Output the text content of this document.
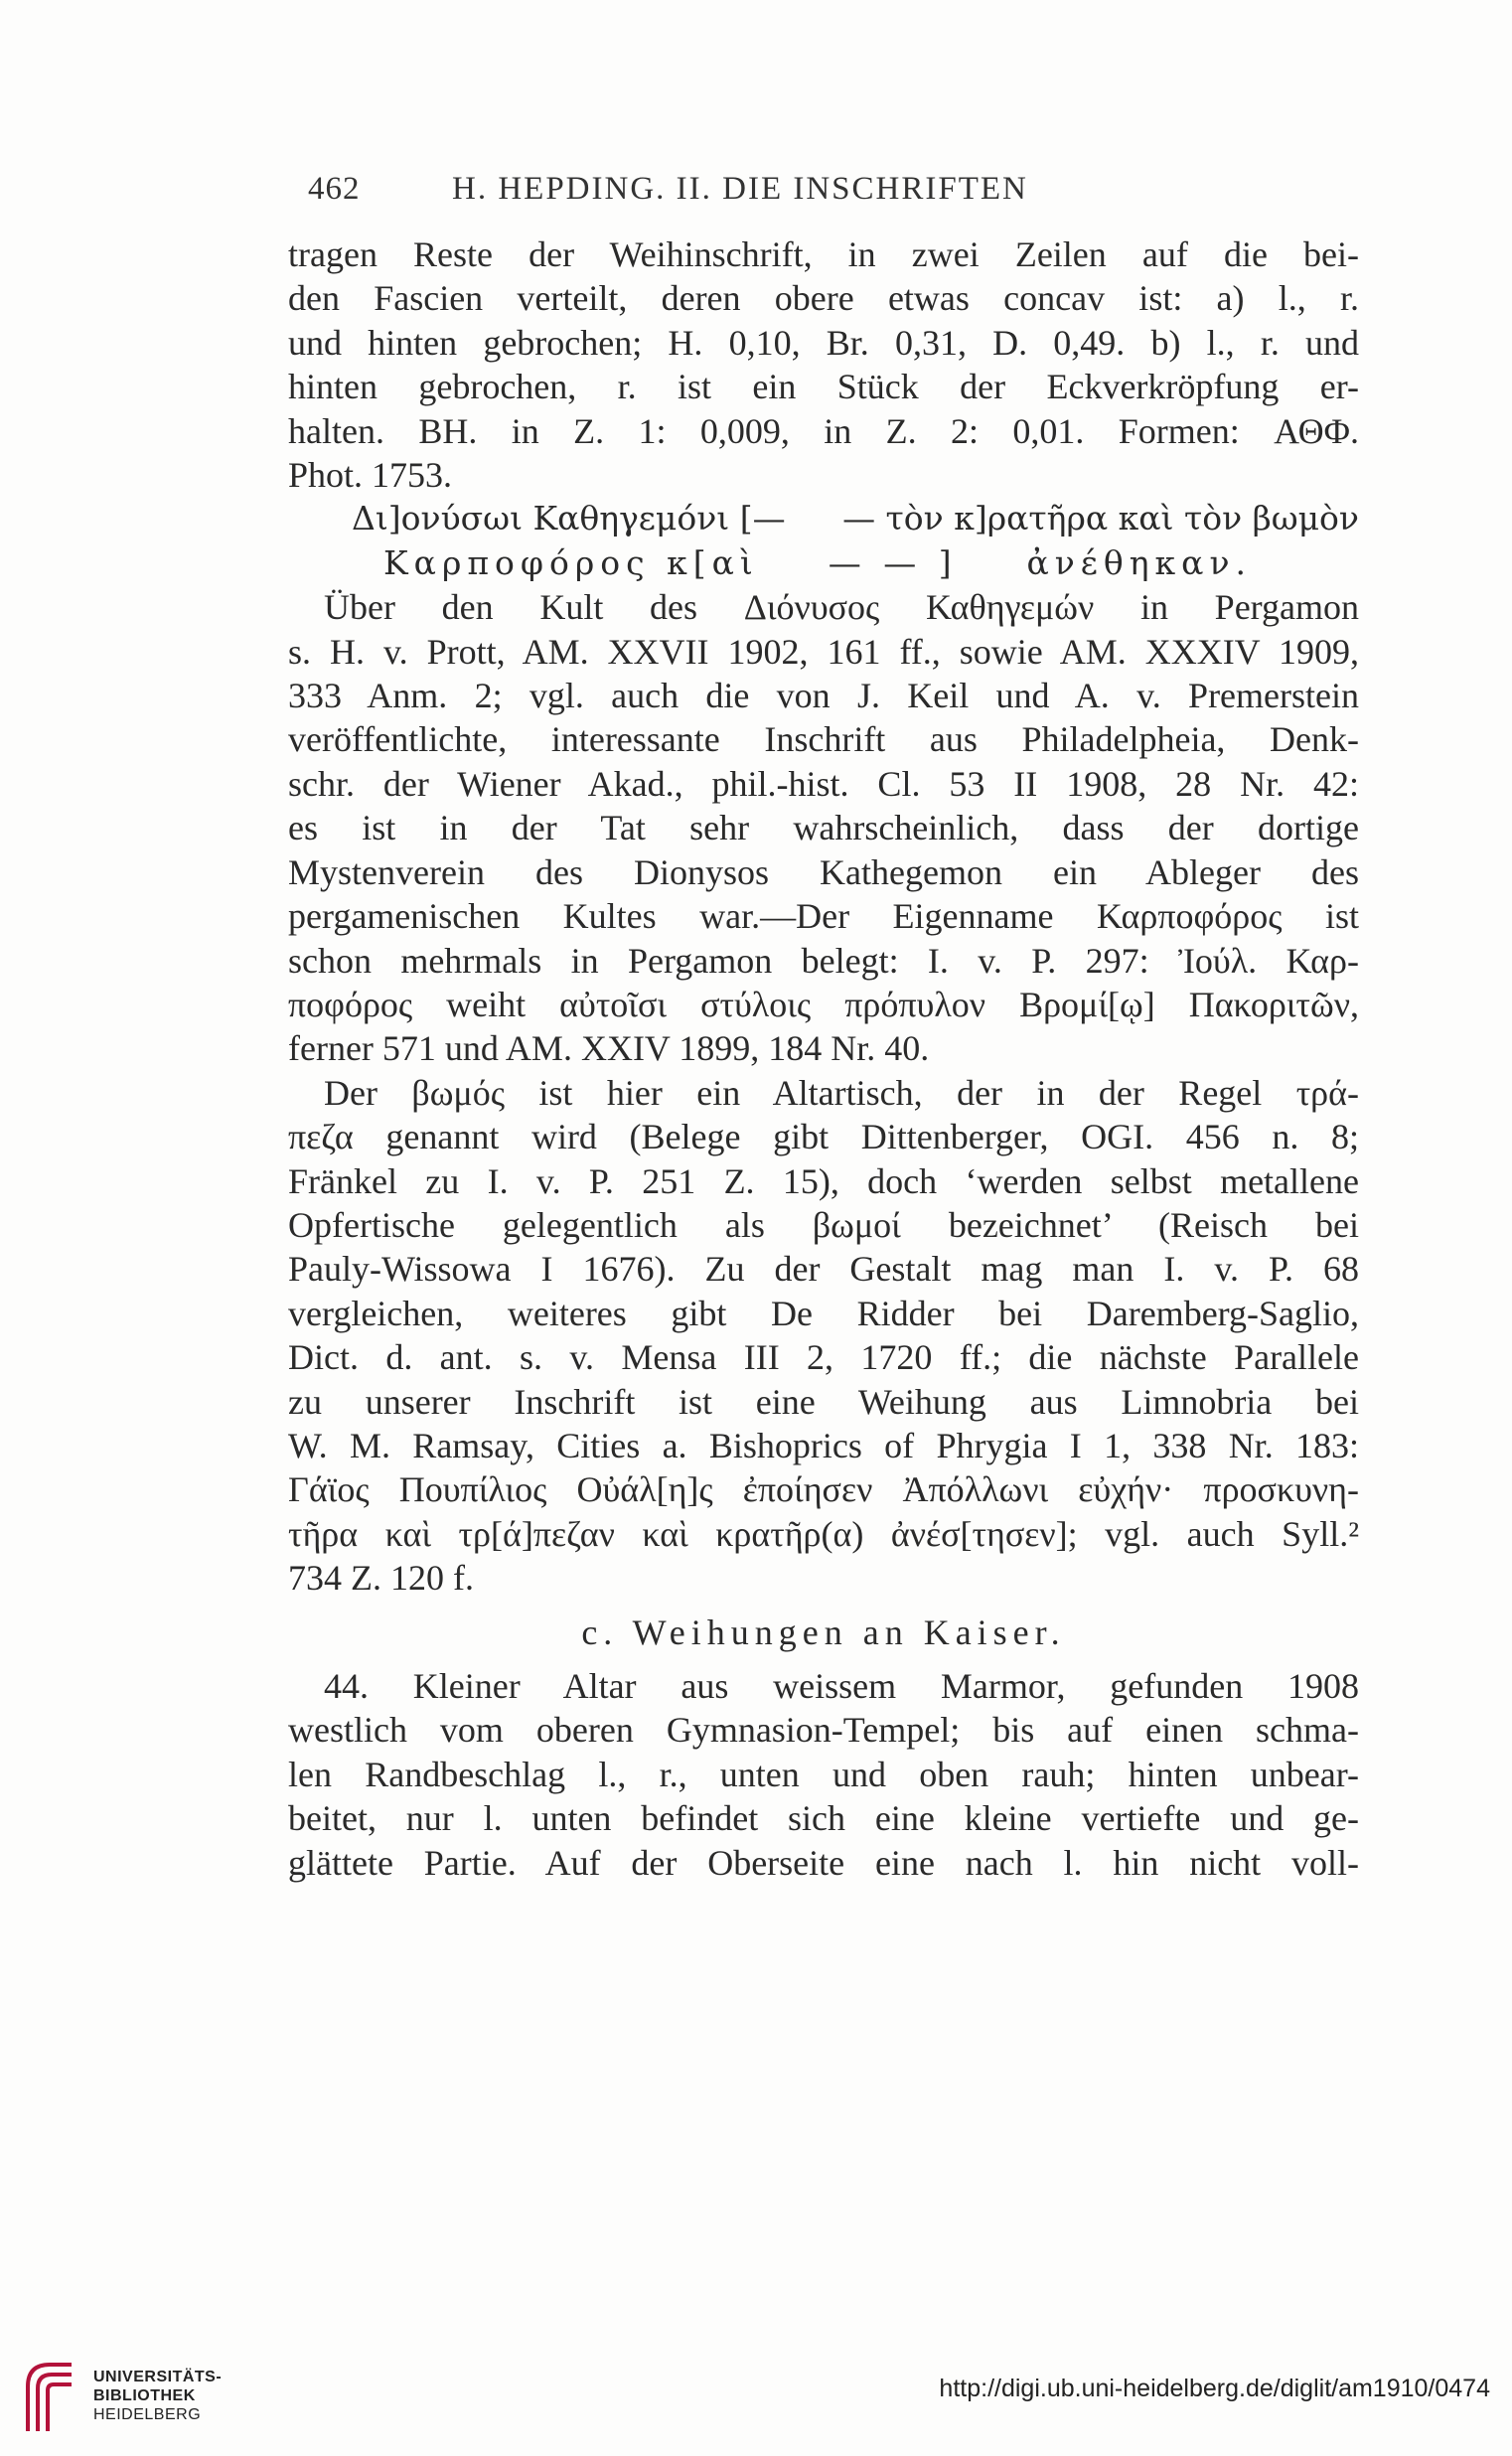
462	H. HEPDING. II. DIE INSCHRIFTEN
tragen Reste der Weihinschrift, in zwei Zeilen auf die bei-
den Fascien verteilt, deren obere etwas concav ist: a) l., r.
und hinten gebrochen; H. 0,10, Br. 0,31, D. 0,49. b) l., r. und
hinten gebrochen, r. ist ein Stück der Eckverkröpfung er-
halten. BH. in Z. 1: 0,009, in Z. 2: 0,01. Formen: ΑΘΦ.
Phot. 1753.
Δι]ονύσωι Καθηγεμόνι [— — τὸν κ]ρατῆρα καὶ τὸν βωμὸν
Καρποφόρος κ[αὶ — — ] ἀνέθηκαν.
Über den Kult des Διόνυσος Καθηγεμών in Pergamon
s. H. v. Prott, AM. XXVII 1902, 161 ff., sowie AM. XXXIV 1909,
333 Anm. 2; vgl. auch die von J. Keil und A. v. Premerstein
veröffentlichte, interessante Inschrift aus Philadelpheia, Denk-
schr. der Wiener Akad., phil.-hist. Cl. 53 II 1908, 28 Nr. 42:
es ist in der Tat sehr wahrscheinlich, dass der dortige
Mystenverein des Dionysos Kathegemon ein Ableger des
pergamenischen Kultes war.—Der Eigenname Καρποφόρος ist
schon mehrmals in Pergamon belegt: I. v. P. 297: Ἰούλ. Καρ-
ποφόρος weiht αὐτοῖσι στύλοις πρόπυλον Βρομί[ῳ] Πακοριτῶν,
ferner 571 und AM. XXIV 1899, 184 Nr. 40.
Der βωμός ist hier ein Altartisch, der in der Regel τρά-
πεζα genannt wird (Belege gibt Dittenberger, OGI. 456 n. 8;
Fränkel zu I. v. P. 251 Z. 15), doch ‘werden selbst metallene
Opfertische gelegentlich als βωμοί bezeichnet’ (Reisch bei
Pauly-Wissowa I 1676). Zu der Gestalt mag man I. v. P. 68
vergleichen, weiteres gibt De Ridder bei Daremberg-Saglio,
Dict. d. ant. s. v. Mensa III 2, 1720 ff.; die nächste Parallele
zu unserer Inschrift ist eine Weihung aus Limnobria bei
W. M. Ramsay, Cities a. Bishoprics of Phrygia I 1, 338 Nr. 183:
Γάϊος Πουπίλιος Οὐάλ[η]ς ἐποίησεν Ἀπόλλωνι εὐχήν· προσκυνη-
τῆρα καὶ τρ[ά]πεζαν καὶ κρατῆρ(α) ἀνέσ[τησεν]; vgl. auch Syll.²
734 Z. 120 f.
c. Weihungen an Kaiser.
44. Kleiner Altar aus weissem Marmor, gefunden 1908
westlich vom oberen Gymnasion-Tempel; bis auf einen schma-
len Randbeschlag l., r., unten und oben rauh; hinten unbear-
beitet, nur l. unten befindet sich eine kleine vertiefte und ge-
glättete Partie. Auf der Oberseite eine nach l. hin nicht voll-
UNIVERSITÄTS-
BIBLIOTHEK
HEIDELBERG
http://digi.ub.uni-heidelberg.de/diglit/am1910/0474
